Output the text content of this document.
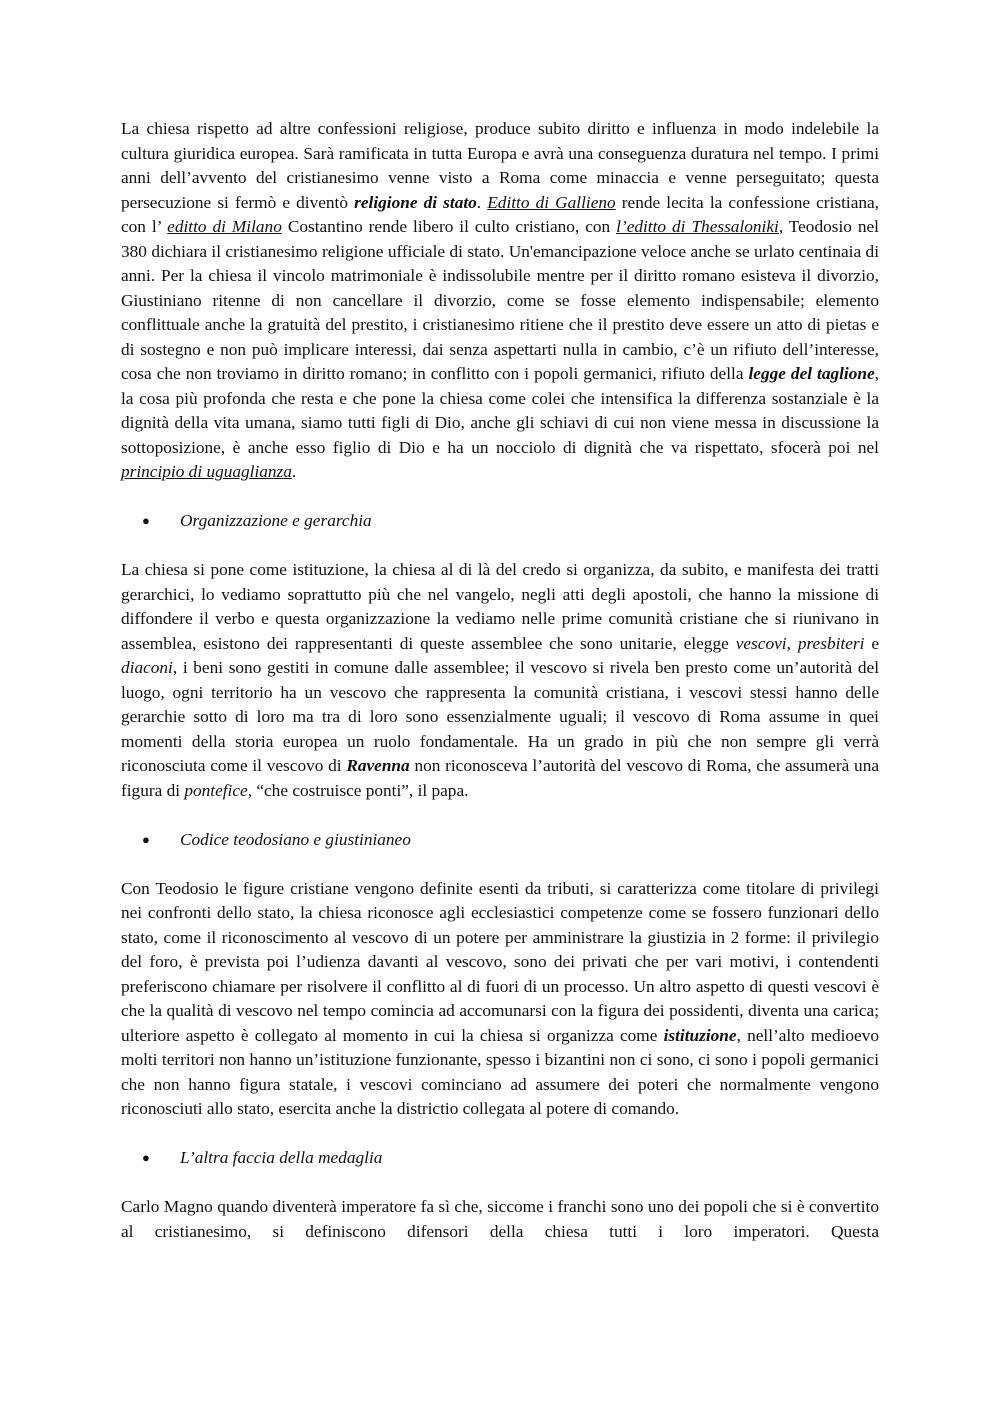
La chiesa rispetto ad altre confessioni religiose, produce subito diritto e influenza in modo indelebile la cultura giuridica europea. Sarà ramificata in tutta Europa e avrà una conseguenza duratura nel tempo. I primi anni dell’avvento del cristianesimo venne visto a Roma come minaccia e venne perseguitato; questa persecuzione si fermò e diventò religione di stato. Editto di Gallieno rende lecita la confessione cristiana, con l’ editto di Milano Costantino rende libero il culto cristiano, con l’editto di Thessaloniki, Teodosio nel 380 dichiara il cristianesimo religione ufficiale di stato. Un'emancipazione veloce anche se urlato centinaia di anni. Per la chiesa il vincolo matrimoniale è indissolubile mentre per il diritto romano esisteva il divorzio, Giustiniano ritenne di non cancellare il divorzio, come se fosse elemento indispensabile; elemento conflittuale anche la gratuità del prestito, i cristianesimo ritiene che il prestito deve essere un atto di pietas e di sostegno e non può implicare interessi, dai senza aspettarti nulla in cambio, c’è un rifiuto dell’interesse, cosa che non troviamo in diritto romano; in conflitto con i popoli germanici, rifiuto della legge del taglione, la cosa più profonda che resta e che pone la chiesa come colei che intensifica la differenza sostanziale è la dignità della vita umana, siamo tutti figli di Dio, anche gli schiavi di cui non viene messa in discussione la sottoposizione, è anche esso figlio di Dio e ha un nocciolo di dignità che va rispettato, sfocerà poi nel principio di uguaglianza.

● Organizzazione e gerarchia

La chiesa si pone come istituzione, la chiesa al di là del credo si organizza, da subito, e manifesta dei tratti gerarchici, lo vediamo soprattutto più che nel vangelo, negli atti degli apostoli, che hanno la missione di diffondere il verbo e questa organizzazione la vediamo nelle prime comunità cristiane che si riunivano in assemblea, esistono dei rappresentanti di queste assemblee che sono unitarie, elegge vescovi, presbiteri e diaconi, i beni sono gestiti in comune dalle assemblee; il vescovo si rivela ben presto come un’autorità del luogo, ogni territorio ha un vescovo che rappresenta la comunità cristiana, i vescovi stessi hanno delle gerarchie sotto di loro ma tra di loro sono essenzialmente uguali; il vescovo di Roma assume in quei momenti della storia europea un ruolo fondamentale. Ha un grado in più che non sempre gli verrà riconosciuta come il vescovo di Ravenna non riconosceva l’autorità del vescovo di Roma, che assumerà una figura di pontefice, “che costruisce ponti”, il papa.

● Codice teodosiano e giustinianeo

Con Teodosio le figure cristiane vengono definite esenti da tributi, si caratterizza come titolare di privilegi nei confronti dello stato, la chiesa riconosce agli ecclesiastici competenze come se fossero funzionari dello stato, come il riconoscimento al vescovo di un potere per amministrare la giustizia in 2 forme: il privilegio del foro, è prevista poi l’udienza davanti al vescovo, sono dei privati che per vari motivi, i contendenti preferiscono chiamare per risolvere il conflitto al di fuori di un processo. Un altro aspetto di questi vescovi è che la qualità di vescovo nel tempo comincia ad accomunarsi con la figura dei possidenti, diventa una carica; ulteriore aspetto è collegato al momento in cui la chiesa si organizza come istituzione, nell’alto medioevo molti territori non hanno un’istituzione funzionante, spesso i bizantini non ci sono, ci sono i popoli germanici che non hanno figura statale, i vescovi cominciano ad assumere dei poteri che normalmente vengono riconosciuti allo stato, esercita anche la districtio collegata al potere di comando.

● L’altra faccia della medaglia

Carlo Magno quando diventerà imperatore fa sì che, siccome i franchi sono uno dei popoli che si è convertito al cristianesimo, si definiscono difensori della chiesa tutti i loro imperatori. Questa
